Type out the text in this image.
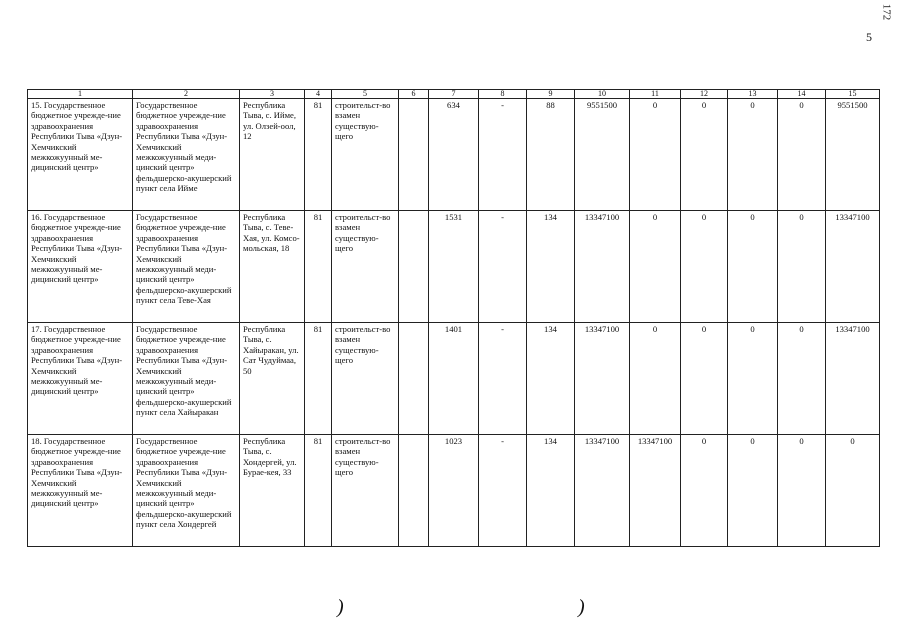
172
5
1	2	3	4	5	6	7	8	9	10	11	12	13	14	15
15. Государственное бюджетное учрежде-ние здравоохранения Республики Тыва «Дзун-Хемчикский межкожуунный ме-дицинский центр»	Государственное бюджетное учрежде-ние здравоохранения Республики Тыва «Дзун-Хемчикский межкожуунный меди-цинский центр» фельдшерско-акушерский пункт села Ийме	Республика Тыва, с. Ийме, ул. Олзей-оол, 12	81	строительст-во взамен существую-щего		634	-	88	9551500	0	0	0	0	9551500
16. Государственное бюджетное учрежде-ние здравоохранения Республики Тыва «Дзун-Хемчикский межкожуунный ме-дицинский центр»	Государственное бюджетное учрежде-ние здравоохранения Республики Тыва «Дзун-Хемчикский межкожуунный меди-цинский центр» фельдшерско-акушерский пункт села Теве-Хая	Республика Тыва, с. Теве-Хая, ул. Комсо-мольская, 18	81	строительст-во взамен существую-щего		1531	-	134	13347100	0	0	0	0	13347100
17. Государственное бюджетное учрежде-ние здравоохранения Республики Тыва «Дзун-Хемчикский межкожуунный ме-дицинский центр»	Государственное бюджетное учрежде-ние здравоохранения Республики Тыва «Дзун-Хемчикский межкожуунный меди-цинский центр» фельдшерско-акушерский пункт села Хайыракан	Республика Тыва, с. Хайыракан, ул. Сат Чудуймаа, 50	81	строительст-во взамен существую-щего		1401	-	134	13347100	0	0	0	0	13347100
18. Государственное бюджетное учрежде-ние здравоохранения Республики Тыва «Дзун-Хемчикский межкожуунный ме-дицинский центр»	Государственное бюджетное учрежде-ние здравоохранения Республики Тыва «Дзун-Хемчикский межкожуунный меди-цинский центр» фельдшерско-акушерский пункт села Хондергей	Республика Тыва, с. Хондергей, ул. Бурае-кея, 33	81	строительст-во взамен существую-щего		1023	-	134	13347100	13347100	0	0	0	0
)	)
